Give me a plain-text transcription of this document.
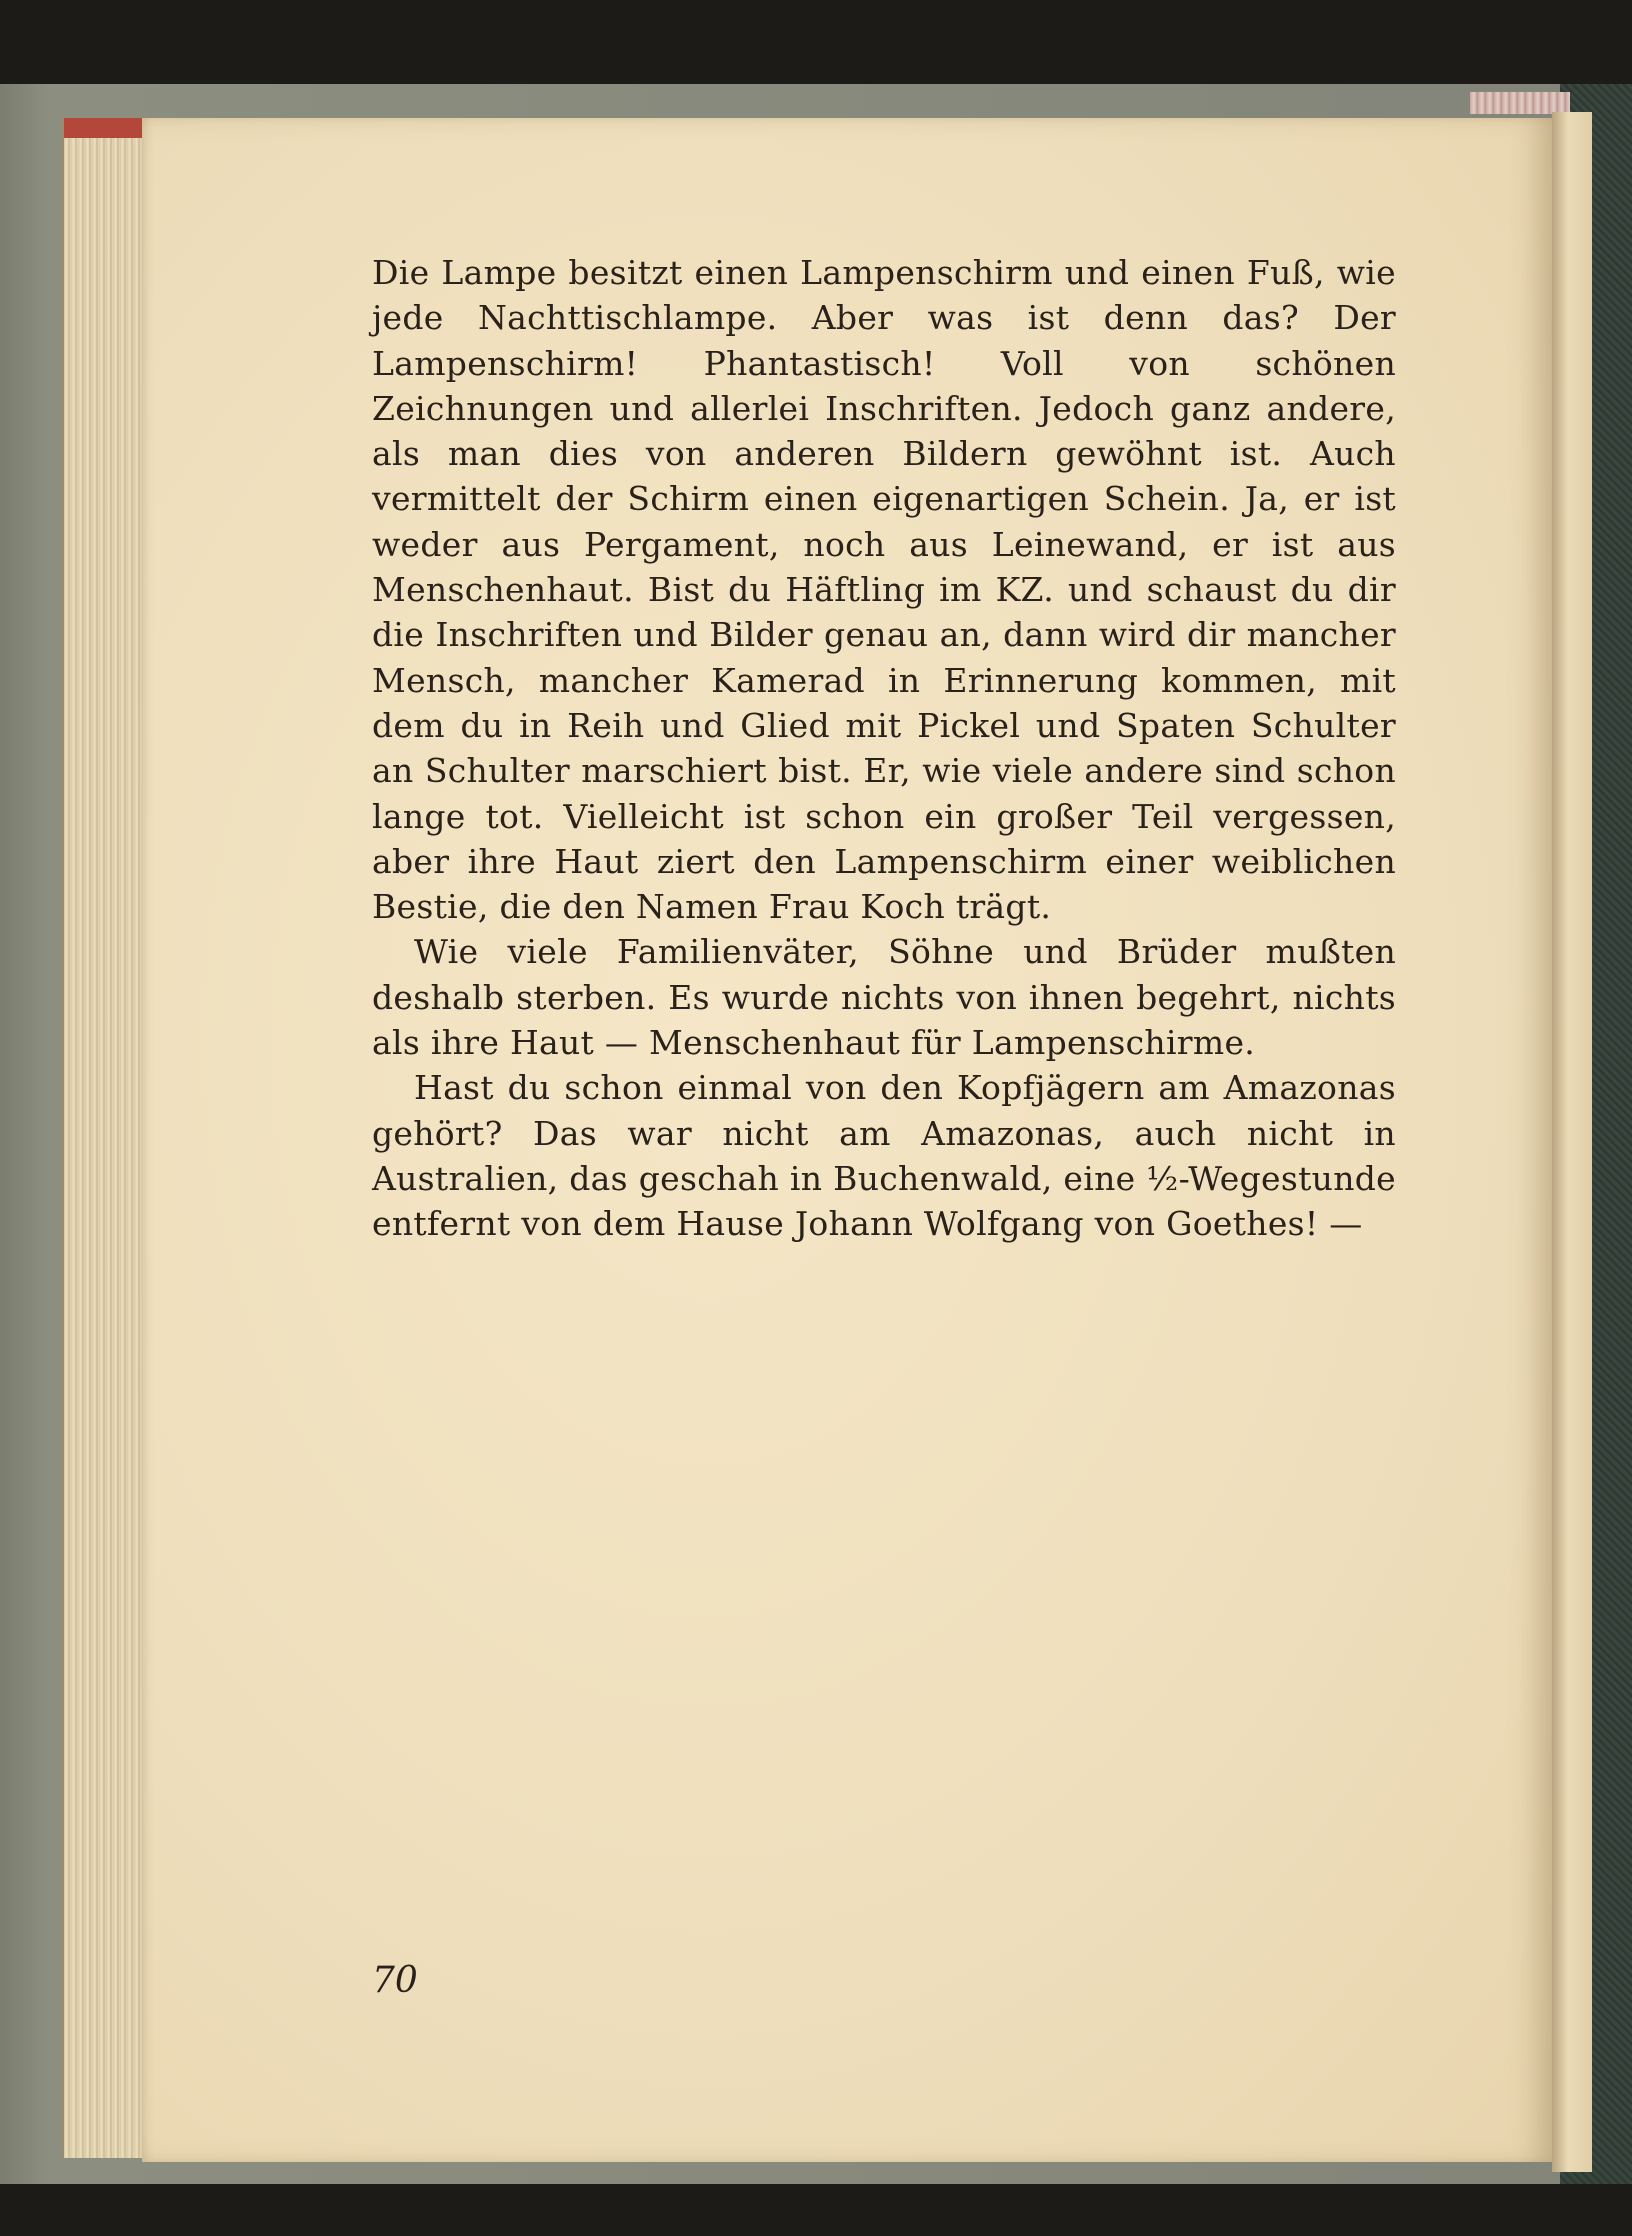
Die Lampe besitzt einen Lampenschirm und einen Fuß, wie jede Nachttischlampe. Aber was ist denn das? Der Lampenschirm! Phantastisch! Voll von schönen Zeichnungen und allerlei Inschriften. Jedoch ganz andere, als man dies von anderen Bildern gewöhnt ist. Auch vermittelt der Schirm einen eigenartigen Schein. Ja, er ist weder aus Pergament, noch aus Leinewand, er ist aus Menschenhaut. Bist du Häftling im KZ. und schaust du dir die Inschriften und Bilder genau an, dann wird dir mancher Mensch, mancher Kamerad in Erinnerung kommen, mit dem du in Reih und Glied mit Pickel und Spaten Schulter an Schulter marschiert bist. Er, wie viele andere sind schon lange tot. Vielleicht ist schon ein großer Teil vergessen, aber ihre Haut ziert den Lampenschirm einer weiblichen Bestie, die den Namen Frau Koch trägt.

Wie viele Familienväter, Söhne und Brüder mußten deshalb sterben. Es wurde nichts von ihnen begehrt, nichts als ihre Haut — Menschenhaut für Lampenschirme.

Hast du schon einmal von den Kopfjägern am Amazonas gehört? Das war nicht am Amazonas, auch nicht in Australien, das geschah in Buchenwald, eine ½-Wegestunde entfernt von dem Hause Johann Wolfgang von Goethes! —

70
